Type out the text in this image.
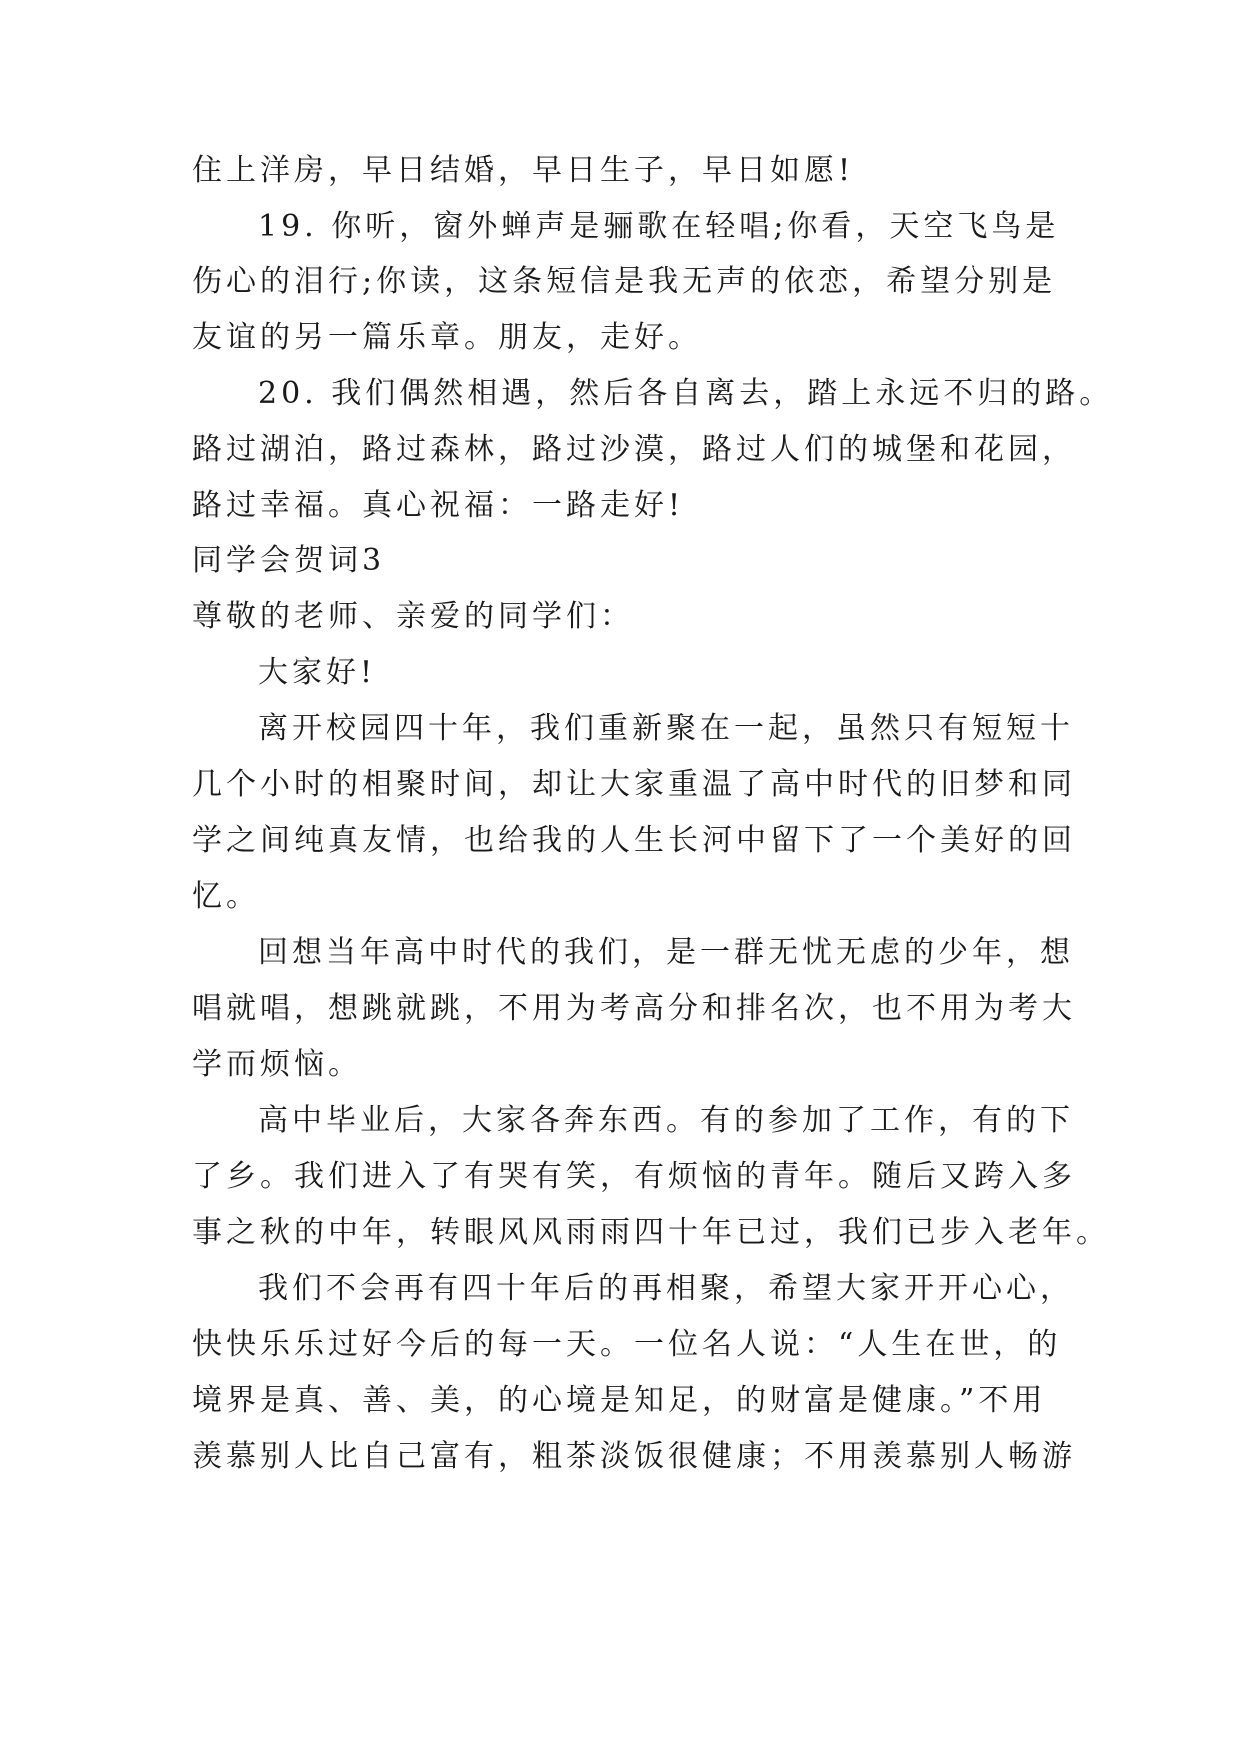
住上洋房，早日结婚，早日生子，早日如愿!
19. 你听，窗外蝉声是骊歌在轻唱;你看，天空飞鸟是
伤心的泪行;你读，这条短信是我无声的依恋，希望分别是
友谊的另一篇乐章。朋友，走好。
20. 我们偶然相遇，然后各自离去，踏上永远不归的路。
路过湖泊，路过森林，路过沙漠，路过人们的城堡和花园，
路过幸福。真心祝福：一路走好!
同学会贺词3
尊敬的老师、亲爱的同学们：
大家好!
离开校园四十年，我们重新聚在一起，虽然只有短短十
几个小时的相聚时间，却让大家重温了高中时代的旧梦和同
学之间纯真友情，也给我的人生长河中留下了一个美好的回
忆。
回想当年高中时代的我们，是一群无忧无虑的少年，想
唱就唱，想跳就跳，不用为考高分和排名次，也不用为考大
学而烦恼。
高中毕业后，大家各奔东西。有的参加了工作，有的下
了乡。我们进入了有哭有笑，有烦恼的青年。随后又跨入多
事之秋的中年，转眼风风雨雨四十年已过，我们已步入老年。
我们不会再有四十年后的再相聚，希望大家开开心心，
快快乐乐过好今后的每一天。一位名人说：“人生在世，的
境界是真、善、美，的心境是知足，的财富是健康。”不用
羡慕别人比自己富有，粗茶淡饭很健康；不用羡慕别人畅游
